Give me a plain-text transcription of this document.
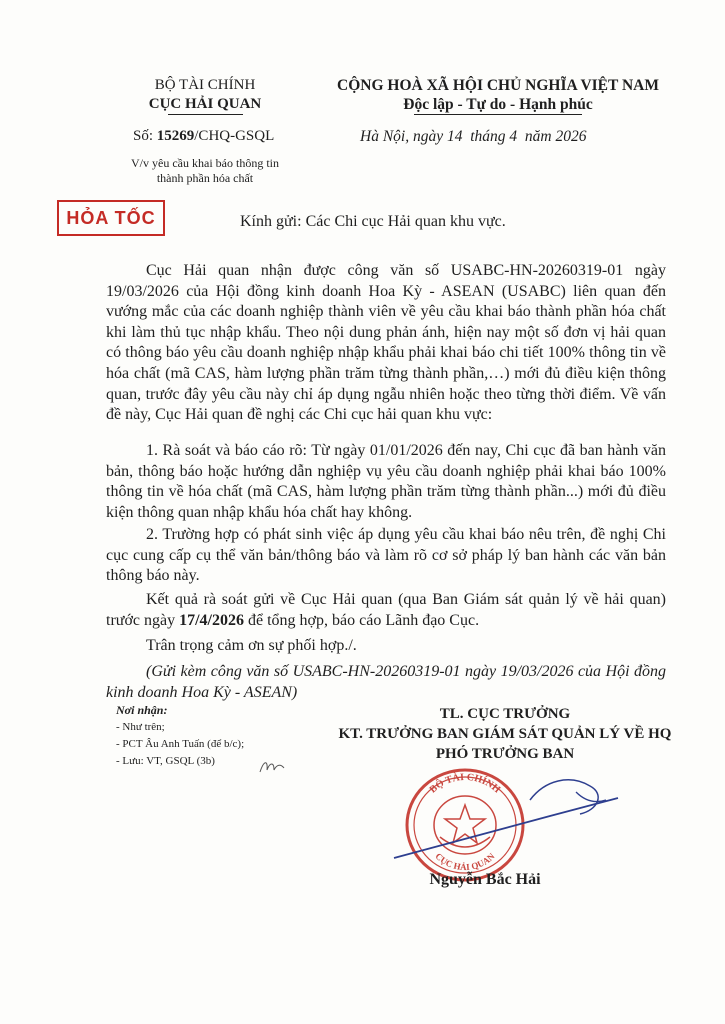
BỘ TÀI CHÍNH
CỤC HẢI QUAN
Số: 15269/CHQ-GSQL
V/v yêu cầu khai báo thông tin
thành phần hóa chất
CỘNG HOÀ XÃ HỘI CHỦ NGHĨA VIỆT NAM
Độc lập - Tự do - Hạnh phúc
Hà Nội, ngày 14  tháng 4  năm 2026
HỎA TỐC	Kính gửi: Các Chi cục Hải quan khu vực.
Cục Hải quan nhận được công văn số USABC-HN-20260319-01 ngày 19/03/2026 của Hội đồng kinh doanh Hoa Kỳ - ASEAN (USABC) liên quan đến vướng mắc của các doanh nghiệp thành viên về yêu cầu khai báo thành phần hóa chất khi làm thủ tục nhập khẩu. Theo nội dung phản ánh, hiện nay một số đơn vị hải quan có thông báo yêu cầu doanh nghiệp nhập khẩu phải khai báo chi tiết 100% thông tin về hóa chất (mã CAS, hàm lượng phần trăm từng thành phần,…) mới đủ điều kiện thông quan, trước đây yêu cầu này chỉ áp dụng ngẫu nhiên hoặc theo từng thời điểm. Về vấn đề này, Cục Hải quan đề nghị các Chi cục hải quan khu vực:
1. Rà soát và báo cáo rõ: Từ ngày 01/01/2026 đến nay, Chi cục đã ban hành văn bản, thông báo hoặc hướng dẫn nghiệp vụ yêu cầu doanh nghiệp phải khai báo 100% thông tin về hóa chất (mã CAS, hàm lượng phần trăm từng thành phần...) mới đủ điều kiện thông quan nhập khẩu hóa chất hay không.
2. Trường hợp có phát sinh việc áp dụng yêu cầu khai báo nêu trên, đề nghị Chi cục cung cấp cụ thể văn bản/thông báo và làm rõ cơ sở pháp lý ban hành các văn bản thông báo này.
Kết quả rà soát gửi về Cục Hải quan (qua Ban Giám sát quản lý về hải quan) trước ngày 17/4/2026 để tổng hợp, báo cáo Lãnh đạo Cục.
Trân trọng cảm ơn sự phối hợp./.
(Gửi kèm công văn số USABC-HN-20260319-01 ngày 19/03/2026 của Hội đồng kinh doanh Hoa Kỳ - ASEAN)
Nơi nhận:
- Như trên;
- PCT Âu Anh Tuấn (để b/c);
- Lưu: VT, GSQL (3b)
TL. CỤC TRƯỞNG
KT. TRƯỞNG BAN GIÁM SÁT QUẢN LÝ VỀ HQ
PHÓ TRƯỞNG BAN
BỘ TÀI CHÍNH
CỤC HẢI QUAN
Nguyễn Bắc Hải
